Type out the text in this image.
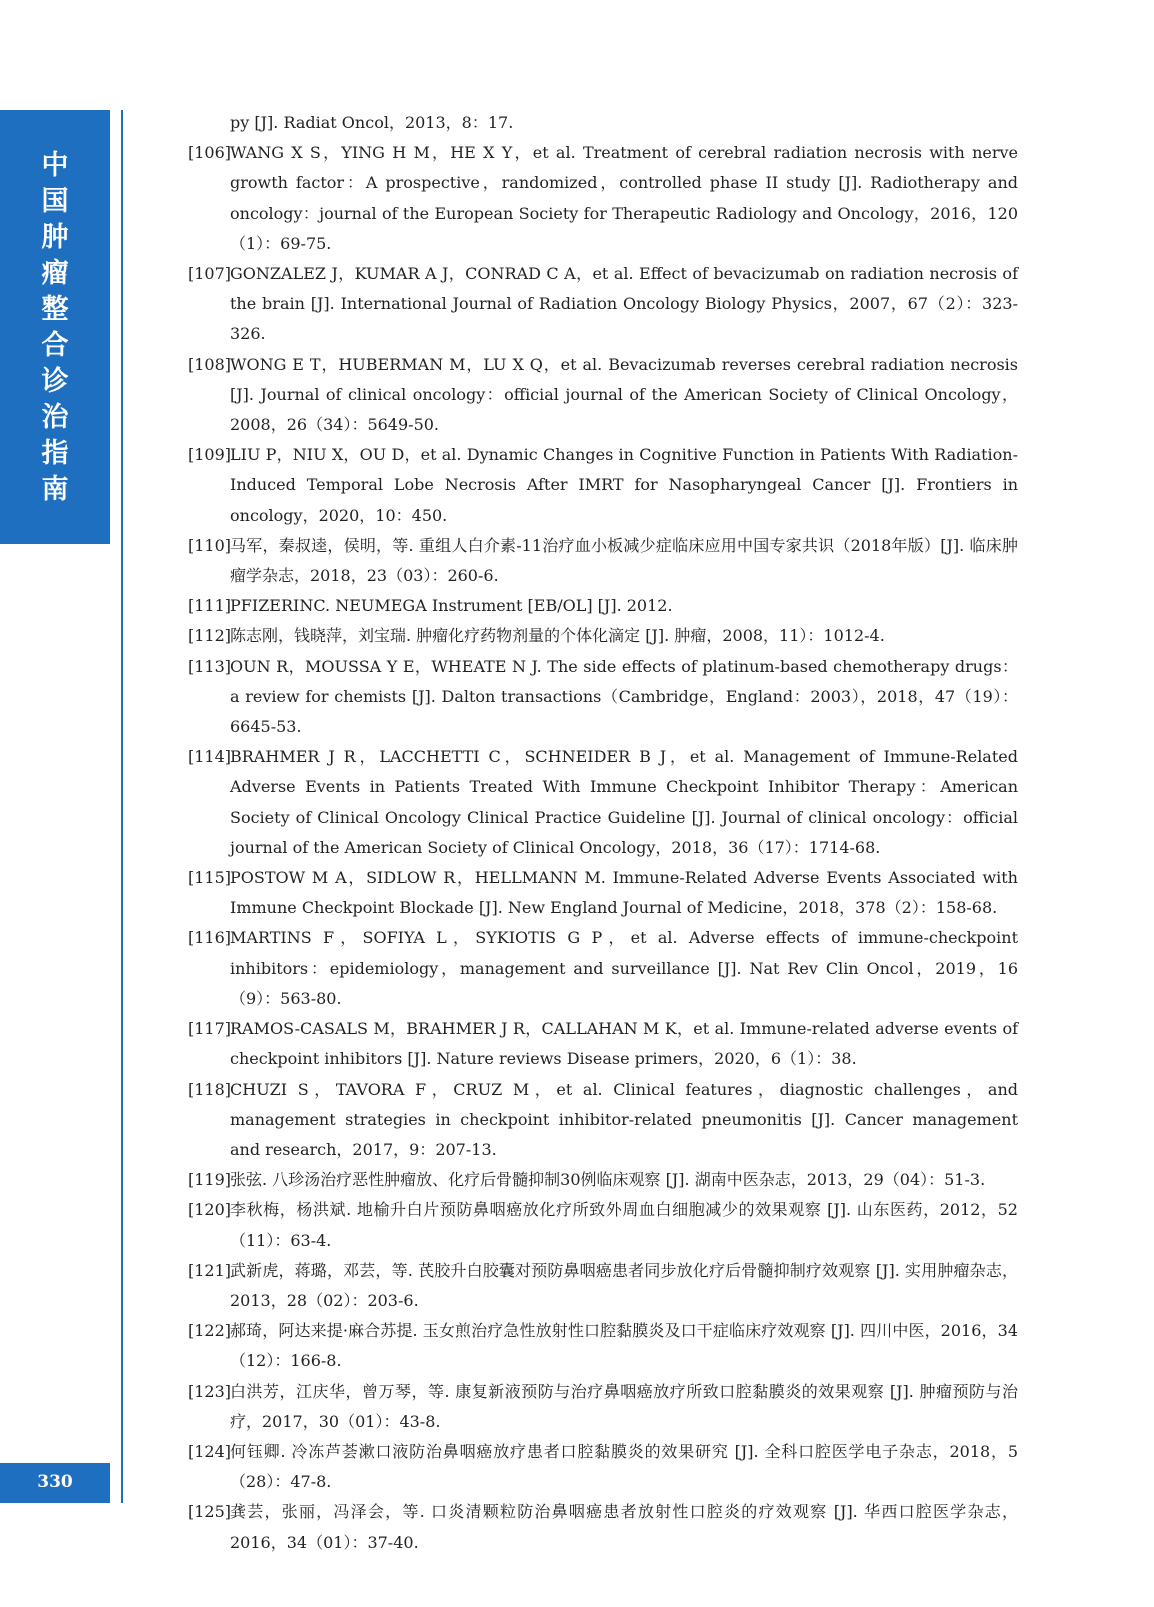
中
国
肿
瘤
整
合
诊
治
指
南
330
py [J]. Radiat Oncol，2013，8：17.
[106]
WANG X S，YING H M，HE X Y，et al. Treatment of cerebral radiation necrosis with nerve growth factor：A prospective，randomized，controlled phase II study [J]. Radiotherapy and oncology：journal of the European Society for Therapeutic Radiology and Oncology，2016，120（1）：69-75.
[107]
GONZALEZ J，KUMAR A J，CONRAD C A，et al. Effect of bevacizumab on radiation necrosis of the brain [J]. International Journal of Radiation Oncology Biology Physics，2007，67（2）：323-326.
[108]
WONG E T，HUBERMAN M，LU X Q，et al. Bevacizumab reverses cerebral radiation necrosis [J]. Journal of clinical oncology：official journal of the American Society of Clinical Oncology，2008，26（34）：5649-50.
[109]
LIU P，NIU X，OU D，et al. Dynamic Changes in Cognitive Function in Patients With Radiation-Induced Temporal Lobe Necrosis After IMRT for Nasopharyngeal Cancer [J]. Frontiers in oncology，2020，10：450.
[110]
马军，秦叔逵，侯明，等. 重组人白介素-11治疗血小板减少症临床应用中国专家共识（2018年版）[J]. 临床肿瘤学杂志，2018，23（03）：260-6.
[111]
PFIZERINC. NEUMEGA Instrument [EB/OL] [J]. 2012.
[112]
陈志刚，钱晓萍，刘宝瑞. 肿瘤化疗药物剂量的个体化滴定 [J]. 肿瘤，2008，11）：1012-4.
[113]
OUN R，MOUSSA Y E，WHEATE N J. The side effects of platinum-based chemotherapy drugs：a review for chemists [J]. Dalton transactions（Cambridge，England：2003），2018，47（19）：6645-53.
[114]
BRAHMER J R，LACCHETTI C，SCHNEIDER B J，et al. Management of Immune-Related Adverse Events in Patients Treated With Immune Checkpoint Inhibitor Therapy：American Society of Clinical Oncology Clinical Practice Guideline [J]. Journal of clinical oncology：official journal of the American Society of Clinical Oncology，2018，36（17）：1714-68.
[115]
POSTOW M A，SIDLOW R，HELLMANN M. Immune-Related Adverse Events Associated with Immune Checkpoint Blockade [J]. New England Journal of Medicine，2018，378（2）：158-68.
[116]
MARTINS F，SOFIYA L，SYKIOTIS G P，et al. Adverse effects of immune-checkpoint inhibitors：epidemiology，management and surveillance [J]. Nat Rev Clin Oncol，2019，16（9）：563-80.
[117]
RAMOS-CASALS M，BRAHMER J R，CALLAHAN M K，et al. Immune-related adverse events of checkpoint inhibitors [J]. Nature reviews Disease primers，2020，6（1）：38.
[118]
CHUZI S，TAVORA F，CRUZ M，et al. Clinical features，diagnostic challenges，and management strategies in checkpoint inhibitor-related pneumonitis [J]. Cancer management and research，2017，9：207-13.
[119]
张弦. 八珍汤治疗恶性肿瘤放、化疗后骨髓抑制30例临床观察 [J]. 湖南中医杂志，2013，29（04）：51-3.
[120]
李秋梅，杨洪斌. 地榆升白片预防鼻咽癌放化疗所致外周血白细胞减少的效果观察 [J]. 山东医药，2012，52（11）：63-4.
[121]
武新虎，蒋璐，邓芸，等. 芪胶升白胶囊对预防鼻咽癌患者同步放化疗后骨髓抑制疗效观察 [J]. 实用肿瘤杂志，2013，28（02）：203-6.
[122]
郝琦，阿达来提·麻合苏提. 玉女煎治疗急性放射性口腔黏膜炎及口干症临床疗效观察 [J]. 四川中医，2016，34（12）：166-8.
[123]
白洪芳，江庆华，曾万琴，等. 康复新液预防与治疗鼻咽癌放疗所致口腔黏膜炎的效果观察 [J]. 肿瘤预防与治疗，2017，30（01）：43-8.
[124]
何钰卿. 冷冻芦荟漱口液防治鼻咽癌放疗患者口腔黏膜炎的效果研究 [J]. 全科口腔医学电子杂志，2018，5（28）：47-8.
[125]
龚芸，张丽，冯泽会，等. 口炎清颗粒防治鼻咽癌患者放射性口腔炎的疗效观察 [J]. 华西口腔医学杂志，2016，34（01）：37-40.
